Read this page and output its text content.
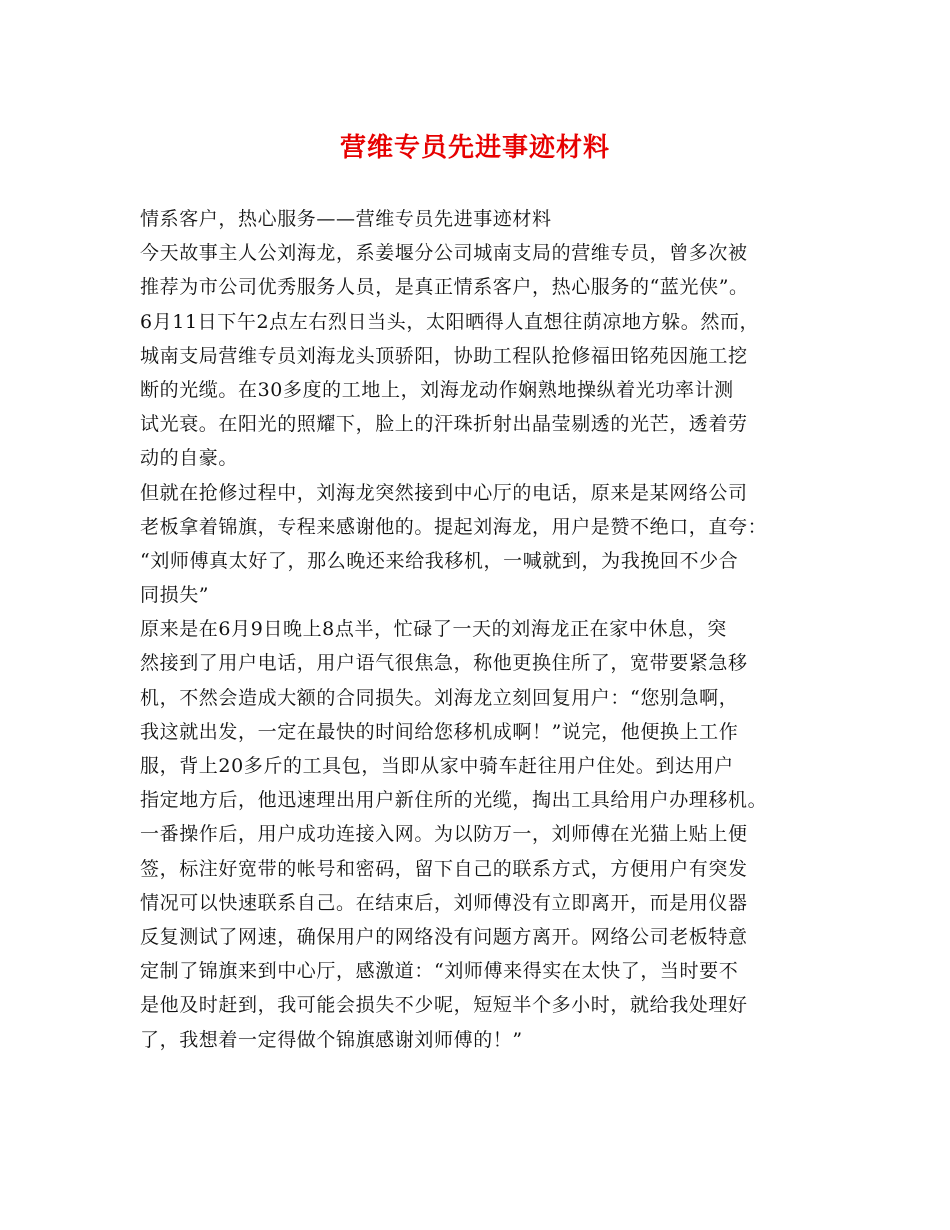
营维专员先进事迹材料
情系客户，热心服务——营维专员先进事迹材料
今天故事主人公刘海龙，系姜堰分公司城南支局的营维专员，曾多次被
推荐为市公司优秀服务人员，是真正情系客户，热心服务的“蓝光侠”。
6月11日下午2点左右烈日当头，太阳晒得人直想往荫凉地方躲。然而，
城南支局营维专员刘海龙头顶骄阳，协助工程队抢修福田铭苑因施工挖
断的光缆。在30多度的工地上，刘海龙动作娴熟地操纵着光功率计测
试光衰。在阳光的照耀下，脸上的汗珠折射出晶莹剔透的光芒，透着劳
动的自豪。
但就在抢修过程中，刘海龙突然接到中心厅的电话，原来是某网络公司
老板拿着锦旗，专程来感谢他的。提起刘海龙，用户是赞不绝口，直夸：
“刘师傅真太好了，那么晚还来给我移机，一喊就到，为我挽回不少合
同损失”
原来是在6月9日晚上8点半，忙碌了一天的刘海龙正在家中休息，突
然接到了用户电话，用户语气很焦急，称他更换住所了，宽带要紧急移
机，不然会造成大额的合同损失。刘海龙立刻回复用户：“您别急啊，
我这就出发，一定在最快的时间给您移机成啊！”说完，他便换上工作
服，背上20多斤的工具包，当即从家中骑车赶往用户住处。到达用户
指定地方后，他迅速理出用户新住所的光缆，掏出工具给用户办理移机。
一番操作后，用户成功连接入网。为以防万一，刘师傅在光猫上贴上便
签，标注好宽带的帐号和密码，留下自己的联系方式，方便用户有突发
情况可以快速联系自己。在结束后，刘师傅没有立即离开，而是用仪器
反复测试了网速，确保用户的网络没有问题方离开。网络公司老板特意
定制了锦旗来到中心厅，感激道：“刘师傅来得实在太快了，当时要不
是他及时赶到，我可能会损失不少呢，短短半个多小时，就给我处理好
了，我想着一定得做个锦旗感谢刘师傅的！”
